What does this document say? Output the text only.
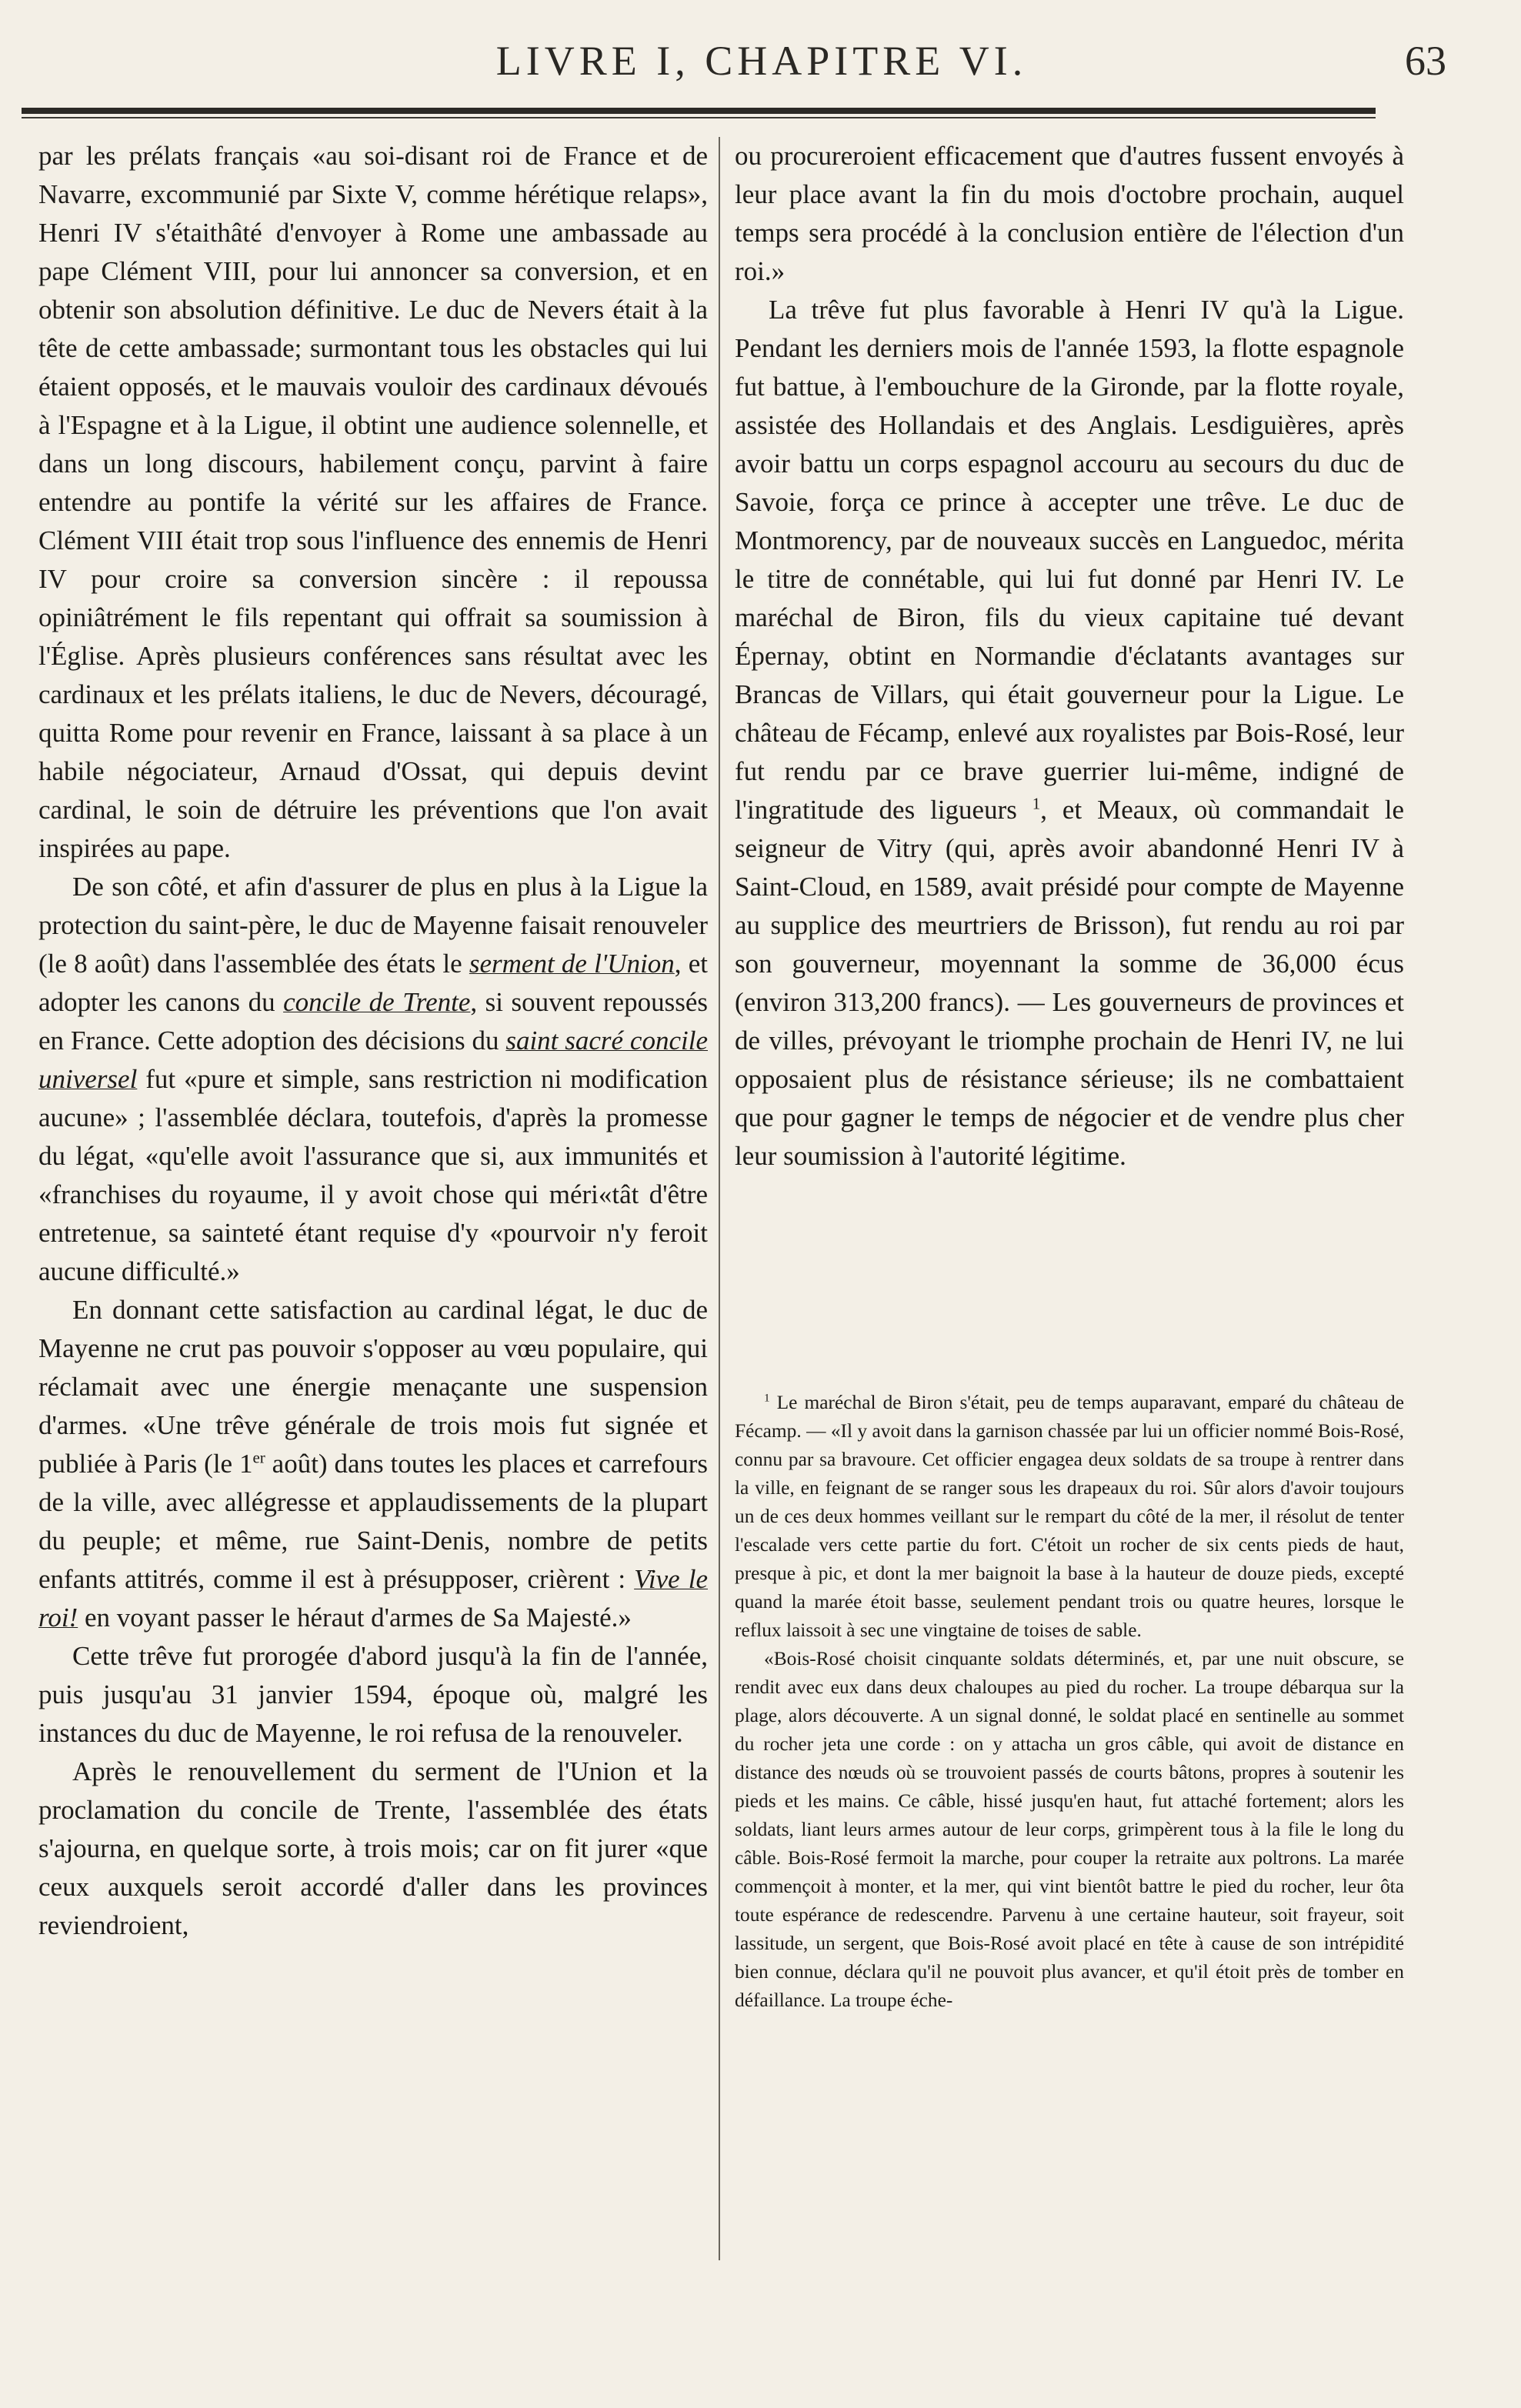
LIVRE I, CHAPITRE VI.	63

par les prélats français «au soi-disant roi de France et de Navarre, excommunié par Sixte V, comme hérétique relaps», Henri IV s'étaithâté d'envoyer à Rome une ambassade au pape Clément VIII, pour lui annoncer sa conversion, et en obtenir son absolution définitive. Le duc de Nevers était à la tête de cette ambassade; surmontant tous les obstacles qui lui étaient opposés, et le mauvais vouloir des cardinaux dévoués à l'Espagne et à la Ligue, il obtint une audience solennelle, et dans un long discours, habilement conçu, parvint à faire entendre au pontife la vérité sur les affaires de France. Clément VIII était trop sous l'influence des ennemis de Henri IV pour croire sa conversion sincère : il repoussa opiniâtrément le fils repentant qui offrait sa soumission à l'Église. Après plusieurs conférences sans résultat avec les cardinaux et les prélats italiens, le duc de Nevers, découragé, quitta Rome pour revenir en France, laissant à sa place à un habile négociateur, Arnaud d'Ossat, qui depuis devint cardinal, le soin de détruire les préventions que l'on avait inspirées au pape.

De son côté, et afin d'assurer de plus en plus à la Ligue la protection du saint-père, le duc de Mayenne faisait renouveler (le 8 août) dans l'assemblée des états le serment de l'Union, et adopter les canons du concile de Trente, si souvent repoussés en France. Cette adoption des décisions du saint sacré concile universel fut «pure et simple, sans restriction ni modification aucune» ; l'assemblée déclara, toutefois, d'après la promesse du légat, «qu'elle avoit l'assurance que si, aux immunités et «franchises du royaume, il y avoit chose qui méri«tât d'être entretenue, sa sainteté étant requise d'y «pourvoir n'y feroit aucune difficulté.»

En donnant cette satisfaction au cardinal légat, le duc de Mayenne ne crut pas pouvoir s'opposer au vœu populaire, qui réclamait avec une énergie menaçante une suspension d'armes. «Une trêve générale de trois mois fut signée et publiée à Paris (le 1er août) dans toutes les places et carrefours de la ville, avec allégresse et applaudissements de la plupart du peuple; et même, rue Saint-Denis, nombre de petits enfants attitrés, comme il est à présupposer, crièrent : Vive le roi! en voyant passer le héraut d'armes de Sa Majesté.»

Cette trêve fut prorogée d'abord jusqu'à la fin de l'année, puis jusqu'au 31 janvier 1594, époque où, malgré les instances du duc de Mayenne, le roi refusa de la renouveler.

Après le renouvellement du serment de l'Union et la proclamation du concile de Trente, l'assemblée des états s'ajourna, en quelque sorte, à trois mois; car on fit jurer «que ceux auxquels seroit accordé d'aller dans les provinces reviendroient,

ou procureroient efficacement que d'autres fussent envoyés à leur place avant la fin du mois d'octobre prochain, auquel temps sera procédé à la conclusion entière de l'élection d'un roi.»

La trêve fut plus favorable à Henri IV qu'à la Ligue. Pendant les derniers mois de l'année 1593, la flotte espagnole fut battue, à l'embouchure de la Gironde, par la flotte royale, assistée des Hollandais et des Anglais. Lesdiguières, après avoir battu un corps espagnol accouru au secours du duc de Savoie, força ce prince à accepter une trêve. Le duc de Montmorency, par de nouveaux succès en Languedoc, mérita le titre de connétable, qui lui fut donné par Henri IV. Le maréchal de Biron, fils du vieux capitaine tué devant Épernay, obtint en Normandie d'éclatants avantages sur Brancas de Villars, qui était gouverneur pour la Ligue. Le château de Fécamp, enlevé aux royalistes par Bois-Rosé, leur fut rendu par ce brave guerrier lui-même, indigné de l'ingratitude des ligueurs $^1$, et Meaux, où commandait le seigneur de Vitry (qui, après avoir abandonné Henri IV à Saint-Cloud, en 1589, avait présidé pour compte de Mayenne au supplice des meurtriers de Brisson), fut rendu au roi par son gouverneur, moyennant la somme de 36,000 écus (environ 313,200 francs). — Les gouverneurs de provinces et de villes, prévoyant le triomphe prochain de Henri IV, ne lui opposaient plus de résistance sérieuse; ils ne combattaient que pour gagner le temps de négocier et de vendre plus cher leur soumission à l'autorité légitime.

$^1$ Le maréchal de Biron s'était, peu de temps auparavant, emparé du château de Fécamp. — «Il y avoit dans la garnison chassée par lui un officier nommé Bois-Rosé, connu par sa bravoure. Cet officier engagea deux soldats de sa troupe à rentrer dans la ville, en feignant de se ranger sous les drapeaux du roi. Sûr alors d'avoir toujours un de ces deux hommes veillant sur le rempart du côté de la mer, il résolut de tenter l'escalade vers cette partie du fort. C'étoit un rocher de six cents pieds de haut, presque à pic, et dont la mer baignoit la base à la hauteur de douze pieds, excepté quand la marée étoit basse, seulement pendant trois ou quatre heures, lorsque le reflux laissoit à sec une vingtaine de toises de sable.

«Bois-Rosé choisit cinquante soldats déterminés, et, par une nuit obscure, se rendit avec eux dans deux chaloupes au pied du rocher. La troupe débarqua sur la plage, alors découverte. A un signal donné, le soldat placé en sentinelle au sommet du rocher jeta une corde : on y attacha un gros câble, qui avoit de distance en distance des nœuds où se trouvoient passés de courts bâtons, propres à soutenir les pieds et les mains. Ce câble, hissé jusqu'en haut, fut attaché fortement; alors les soldats, liant leurs armes autour de leur corps, grimpèrent tous à la file le long du câble. Bois-Rosé fermoit la marche, pour couper la retraite aux poltrons. La marée commençoit à monter, et la mer, qui vint bientôt battre le pied du rocher, leur ôta toute espérance de redescendre. Parvenu à une certaine hauteur, soit frayeur, soit lassitude, un sergent, que Bois-Rosé avoit placé en tête à cause de son intrépidité bien connue, déclara qu'il ne pouvoit plus avancer, et qu'il étoit près de tomber en défaillance. La troupe éche-
